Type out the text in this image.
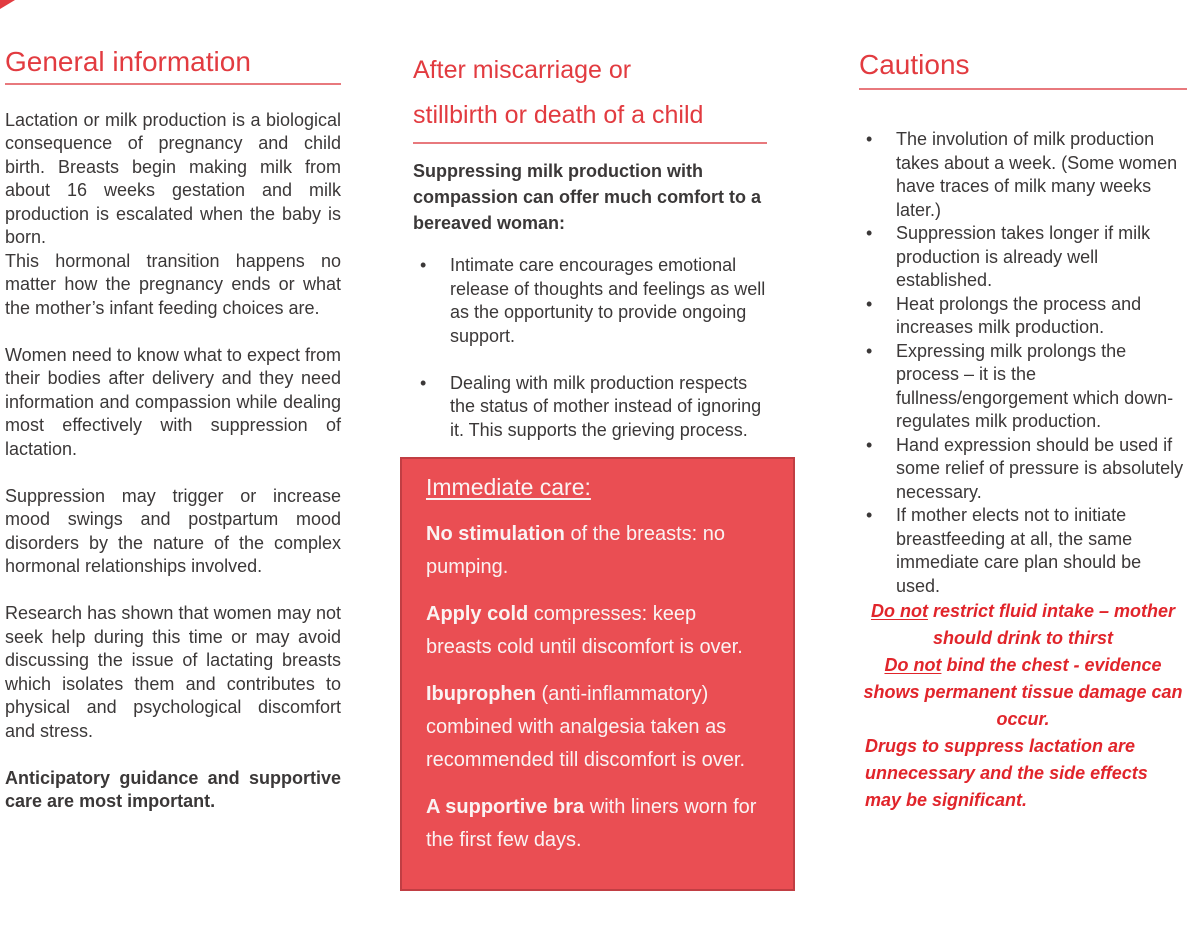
General information

Lactation or milk production is a biological consequence of pregnancy and child birth. Breasts begin making milk from about 16 weeks gestation and milk production is escalated when the baby is born.

This hormonal transition happens no matter how the pregnancy ends or what the mother’s infant feeding choices are.

Women need to know what to expect from their bodies after delivery and they need information and compassion while dealing most effectively with suppression of lactation.

Suppression may trigger or increase mood swings and postpartum mood disorders by the nature of the complex hormonal relationships involved.

Research has shown that women may not seek help during this time or may avoid discussing the issue of lactating breasts which isolates them and contributes to physical and psychological discomfort and stress.

Anticipatory guidance and supportive care are most important.

After miscarriage or
stillbirth or death of a child

Suppressing milk production with compassion can offer much comfort to a bereaved woman:

•	Intimate care encourages emotional release of thoughts and feelings as well as the opportunity to provide ongoing support.
•	Dealing with milk production respects the status of mother instead of ignoring it. This supports the grieving process.
Immediate care:

No stimulation of the breasts: no pumping.

Apply cold compresses: keep breasts cold until discomfort is over.

Ibuprophen (anti-inflammatory) combined with analgesia taken as recommended till discomfort is over.

A supportive bra with liners worn for the first few days.

Cautions
•	The involution of milk production takes about a week. (Some women have traces of milk many weeks later.)
•	Suppression takes longer if milk production is already well established.
•	Heat prolongs the process and increases milk production.
•	Expressing milk prolongs the process – it is the fullness/engorgement which down-regulates milk production.
•	Hand expression should be used if some relief of pressure is absolutely necessary.
•	If mother elects not to initiate breastfeeding at all, the same immediate care plan should be used.

Do not restrict fluid intake – mother should drink to thirst

Do not bind the chest - evidence shows permanent tissue damage can occur.

Drugs to suppress lactation are unnecessary and the side effects may be significant.
